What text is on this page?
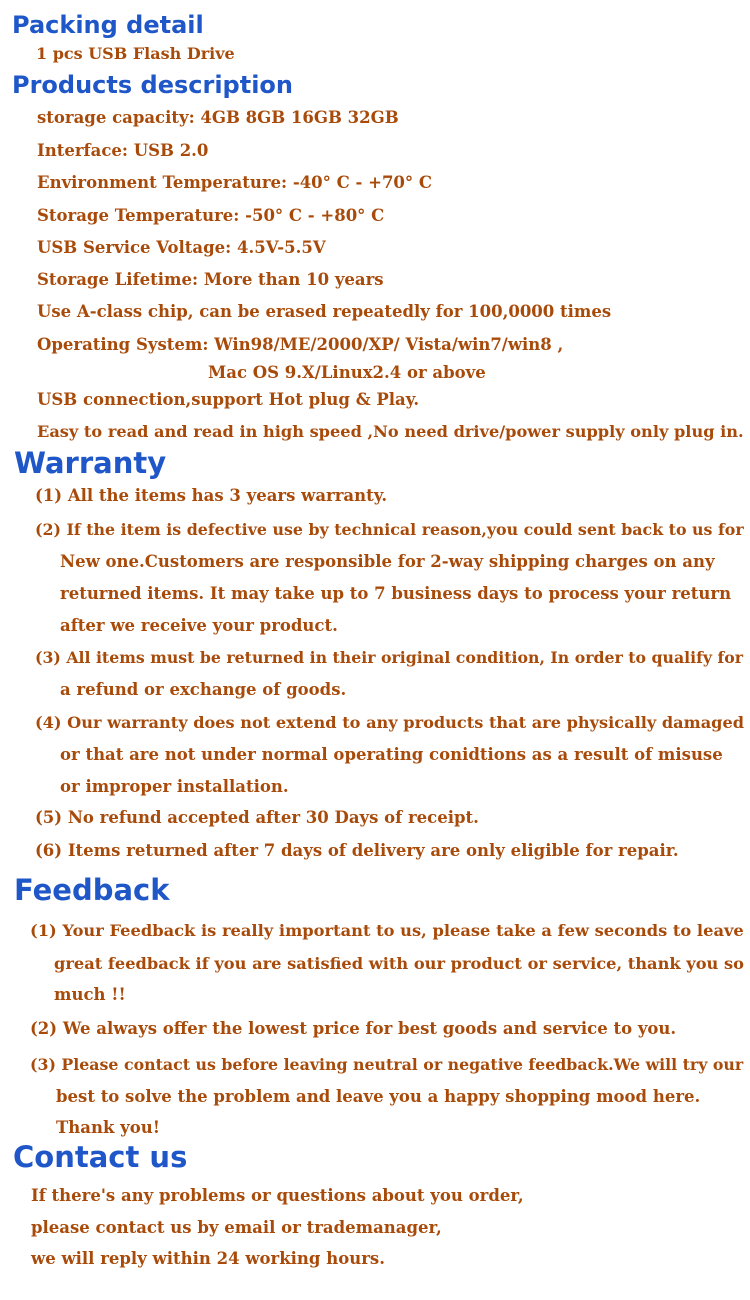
Packing detail
1 pcs USB Flash Drive
Products description
storage capacity: 4GB 8GB 16GB 32GB
Interface: USB 2.0
Environment Temperature: -40° C - +70° C
Storage Temperature: -50° C - +80° C
USB Service Voltage: 4.5V-5.5V
Storage Lifetime: More than 10 years
Use A-class chip, can be erased repeatedly for 100,0000 times
Operating System: Win98/ME/2000/XP/ Vista/win7/win8 ,
Mac OS 9.X/Linux2.4 or above
USB connection,support Hot plug & Play.
Easy to read and read in high speed ,No need drive/power supply only plug in.
Warranty
(1) All the items has 3 years warranty.
(2) If the item is defective use by technical reason,you could sent back to us for
New one.Customers are responsible for 2-way shipping charges on any
returned items. It may take up to 7 business days to process your return
after we receive your product.
(3) All items must be returned in their original condition, In order to qualify for
a refund or exchange of goods.
(4) Our warranty does not extend to any products that are physically damaged
or that are not under normal operating conidtions as a result of misuse
or improper installation.
(5) No refund accepted after 30 Days of receipt.
(6) Items returned after 7 days of delivery are only eligible for repair.
Feedback
(1) Your Feedback is really important to us, please take a few seconds to leave
great feedback if you are satisfied with our product or service, thank you so
much !!
(2) We always offer the lowest price for best goods and service to you.
(3) Please contact us before leaving neutral or negative feedback.We will try our
best to solve the problem and leave you a happy shopping mood here.
Thank you!
Contact us
If there's any problems or questions about you order,
please contact us by email or trademanager,
we will reply within 24 working hours.
